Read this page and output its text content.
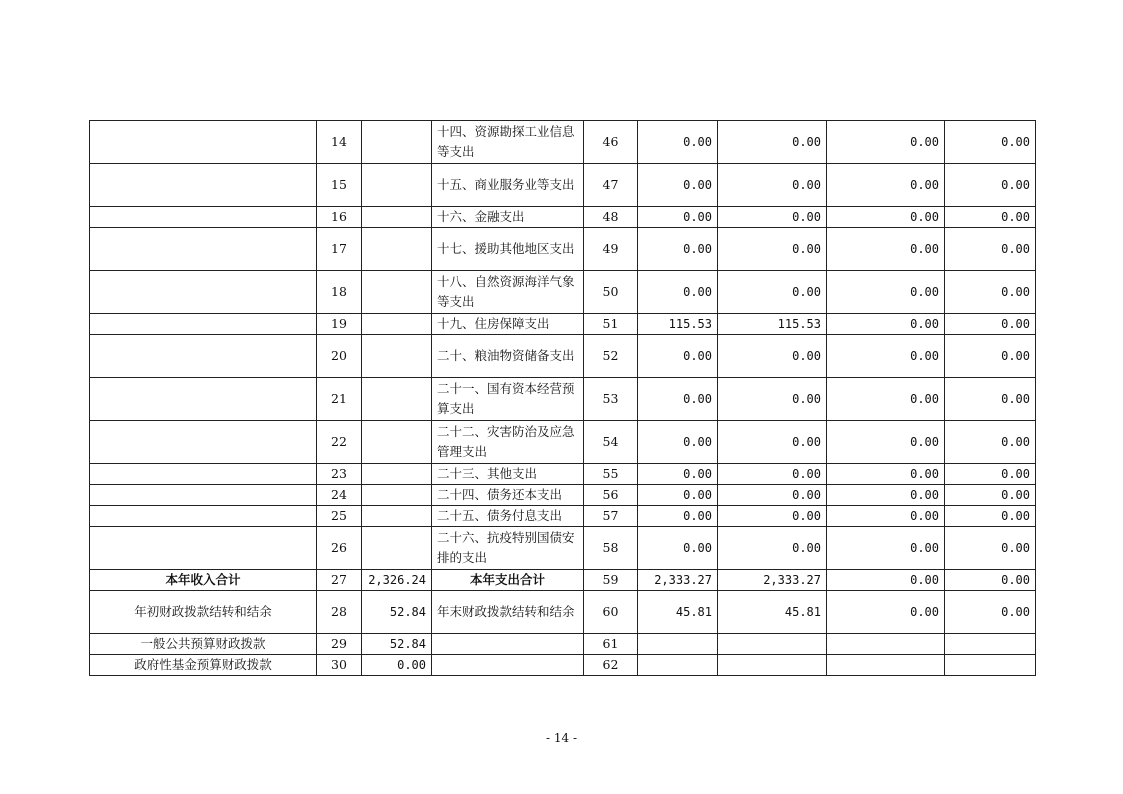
	14		十四、资源勘探工业信息等支出	46	0.00	0.00	0.00	0.00
	15		十五、商业服务业等支出	47	0.00	0.00	0.00	0.00
	16		十六、金融支出	48	0.00	0.00	0.00	0.00
	17		十七、援助其他地区支出	49	0.00	0.00	0.00	0.00
	18		十八、自然资源海洋气象等支出	50	0.00	0.00	0.00	0.00
	19		十九、住房保障支出	51	115.53	115.53	0.00	0.00
	20		二十、粮油物资储备支出	52	0.00	0.00	0.00	0.00
	21		二十一、国有资本经营预算支出	53	0.00	0.00	0.00	0.00
	22		二十二、灾害防治及应急管理支出	54	0.00	0.00	0.00	0.00
	23		二十三、其他支出	55	0.00	0.00	0.00	0.00
	24		二十四、债务还本支出	56	0.00	0.00	0.00	0.00
	25		二十五、债务付息支出	57	0.00	0.00	0.00	0.00
	26		二十六、抗疫特别国债安排的支出	58	0.00	0.00	0.00	0.00
本年收入合计	27	2,326.24	本年支出合计	59	2,333.27	2,333.27	0.00	0.00
年初财政拨款结转和结余	28	52.84	年末财政拨款结转和结余	60	45.81	45.81	0.00	0.00
一般公共预算财政拨款	29	52.84		61				
政府性基金预算财政拨款	30	0.00		62				
- 14 -
